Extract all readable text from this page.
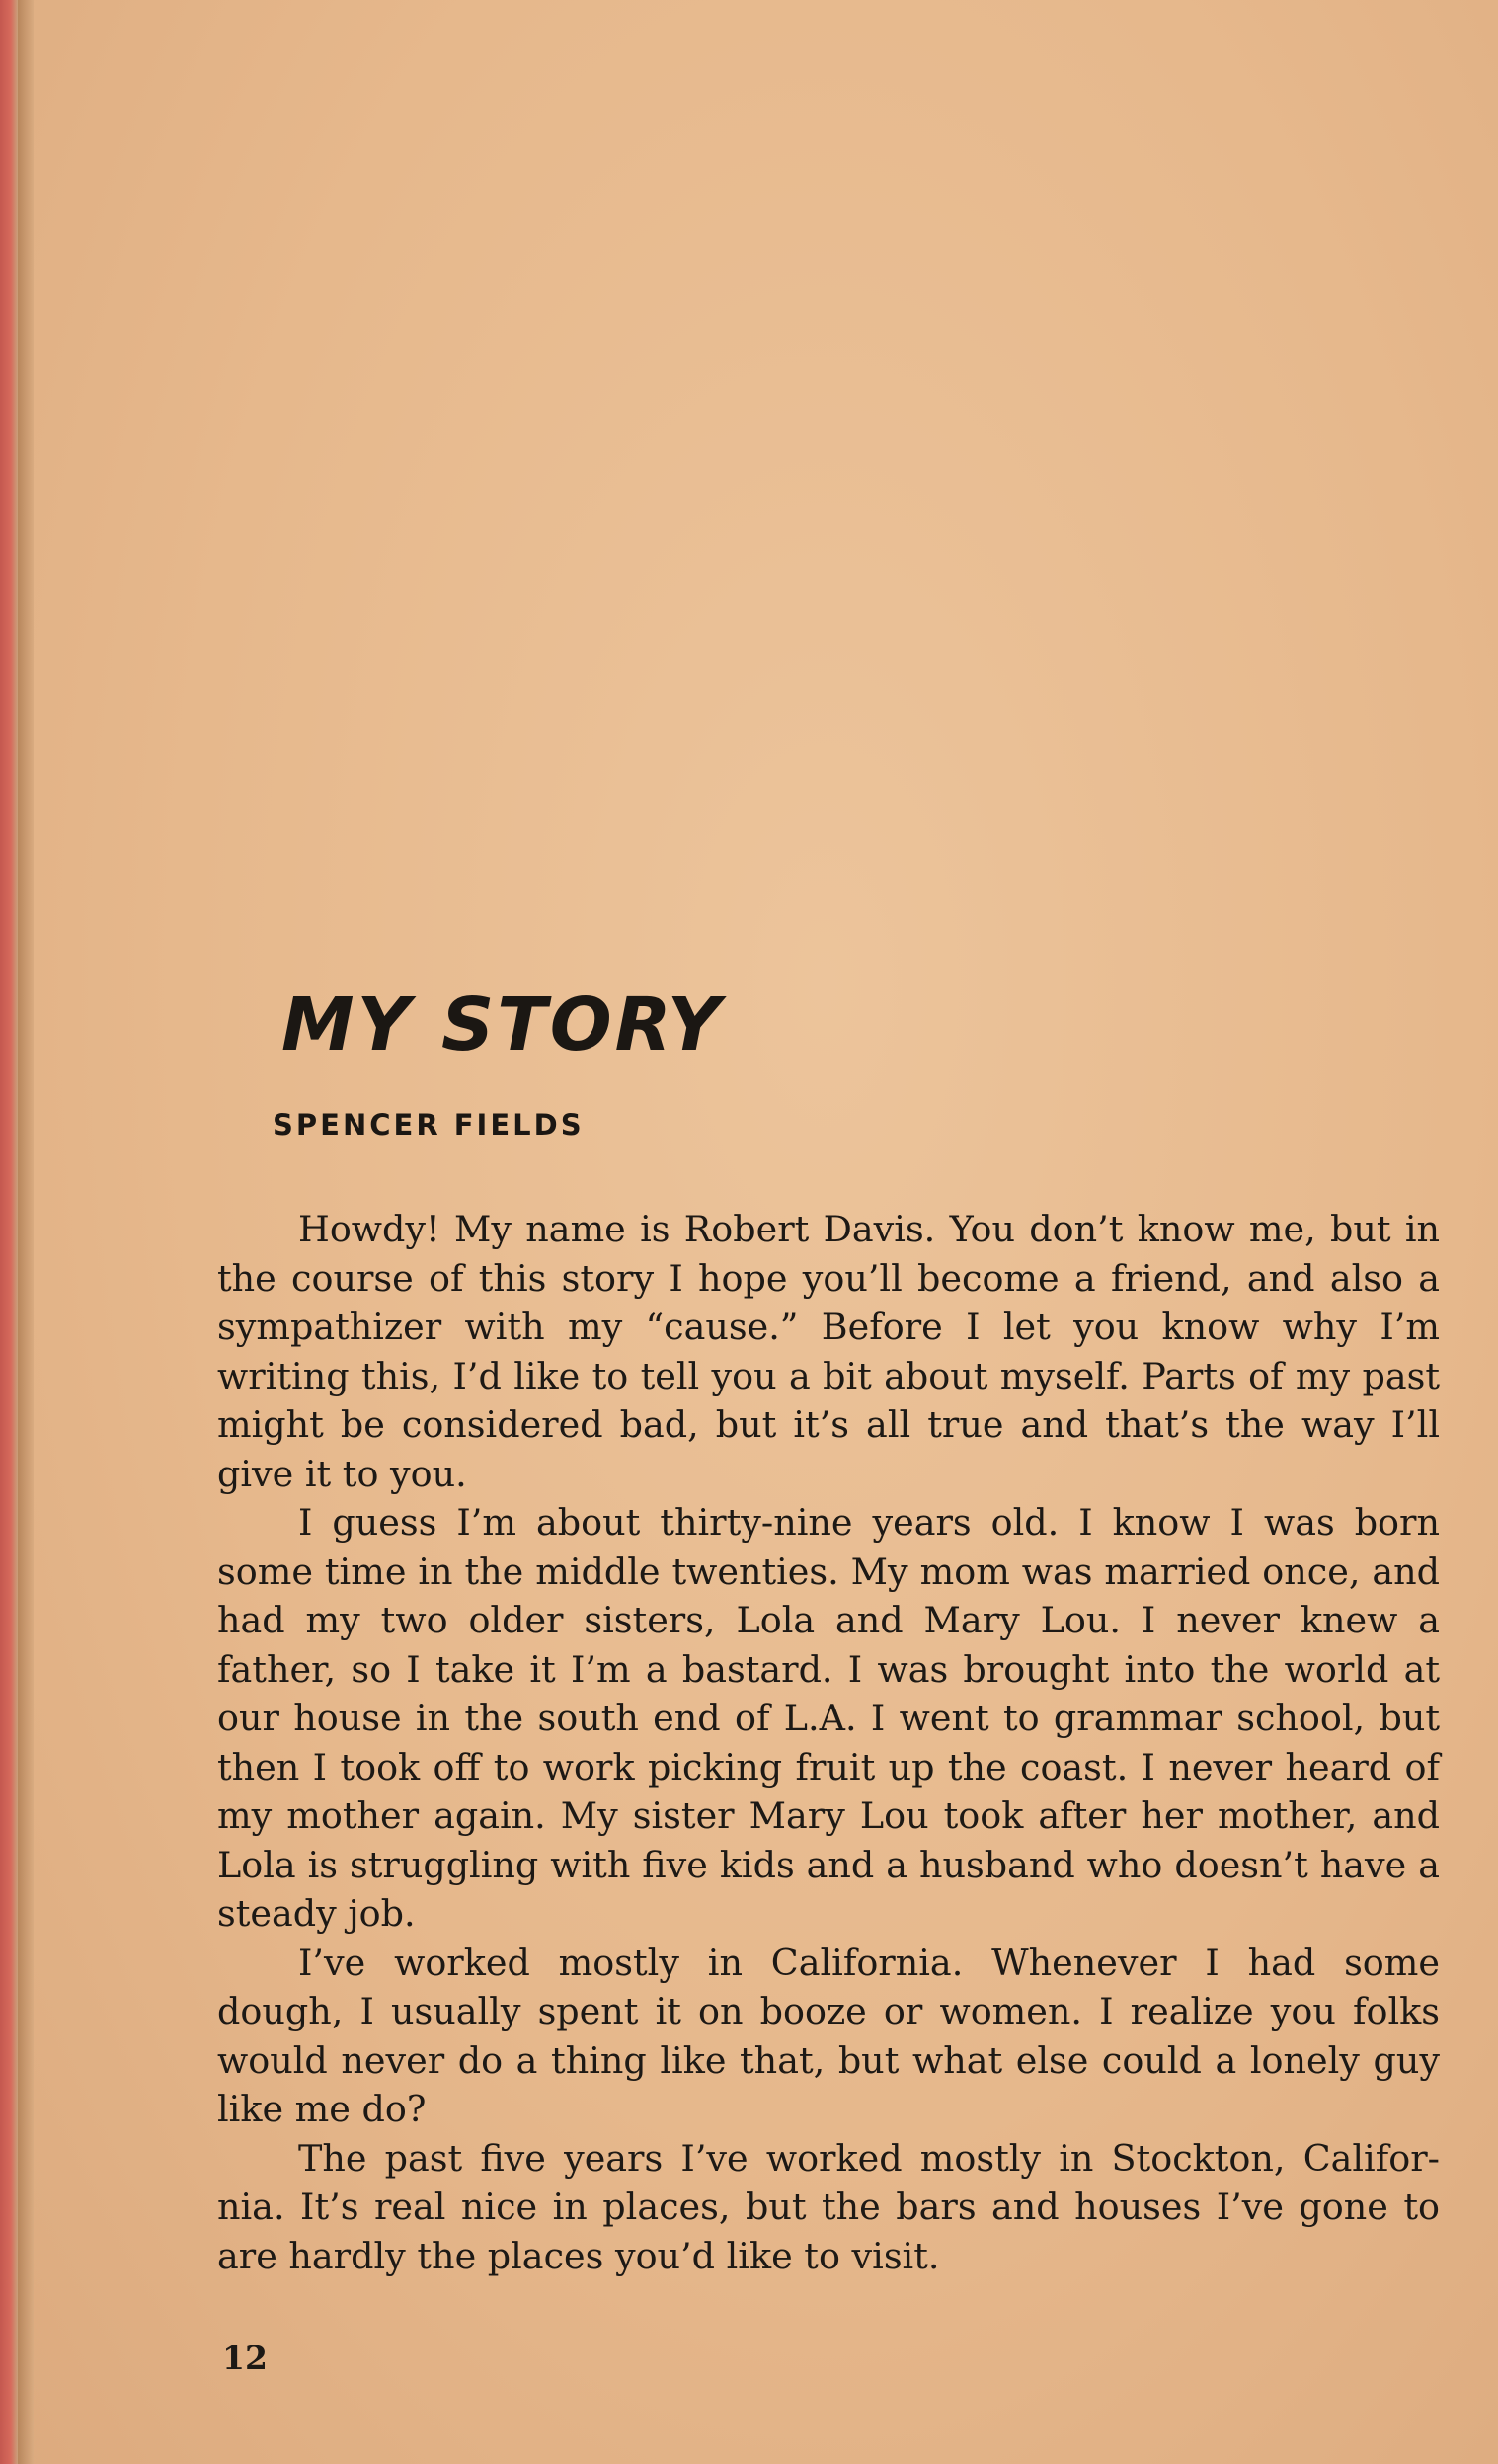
MY STORY
SPENCER FIELDS

Howdy! My name is Robert Davis. You don’t know me, but in the course of this story I hope you’ll become a friend, and also a sympathizer with my “cause.” Before I let you know why I’m writing this, I’d like to tell you a bit about myself. Parts of my past might be considered bad, but it’s all true and that’s the way I’ll give it to you.

I guess I’m about thirty-nine years old. I know I was born some time in the middle twenties. My mom was married once, and had my two older sisters, Lola and Mary Lou. I never knew a father, so I take it I’m a bastard. I was brought into the world at our house in the south end of L.A. I went to grammar school, but then I took off to work picking fruit up the coast. I never heard of my mother again. My sister Mary Lou took after her mother, and Lola is struggling with five kids and a husband who doesn’t have a steady job.

I’ve worked mostly in California. Whenever I had some dough, I usually spent it on booze or women. I realize you folks would never do a thing like that, but what else could a lonely guy like me do?

The past five years I’ve worked mostly in Stockton, Califor-nia. It’s real nice in places, but the bars and houses I’ve gone to are hardly the places you’d like to visit.

12
